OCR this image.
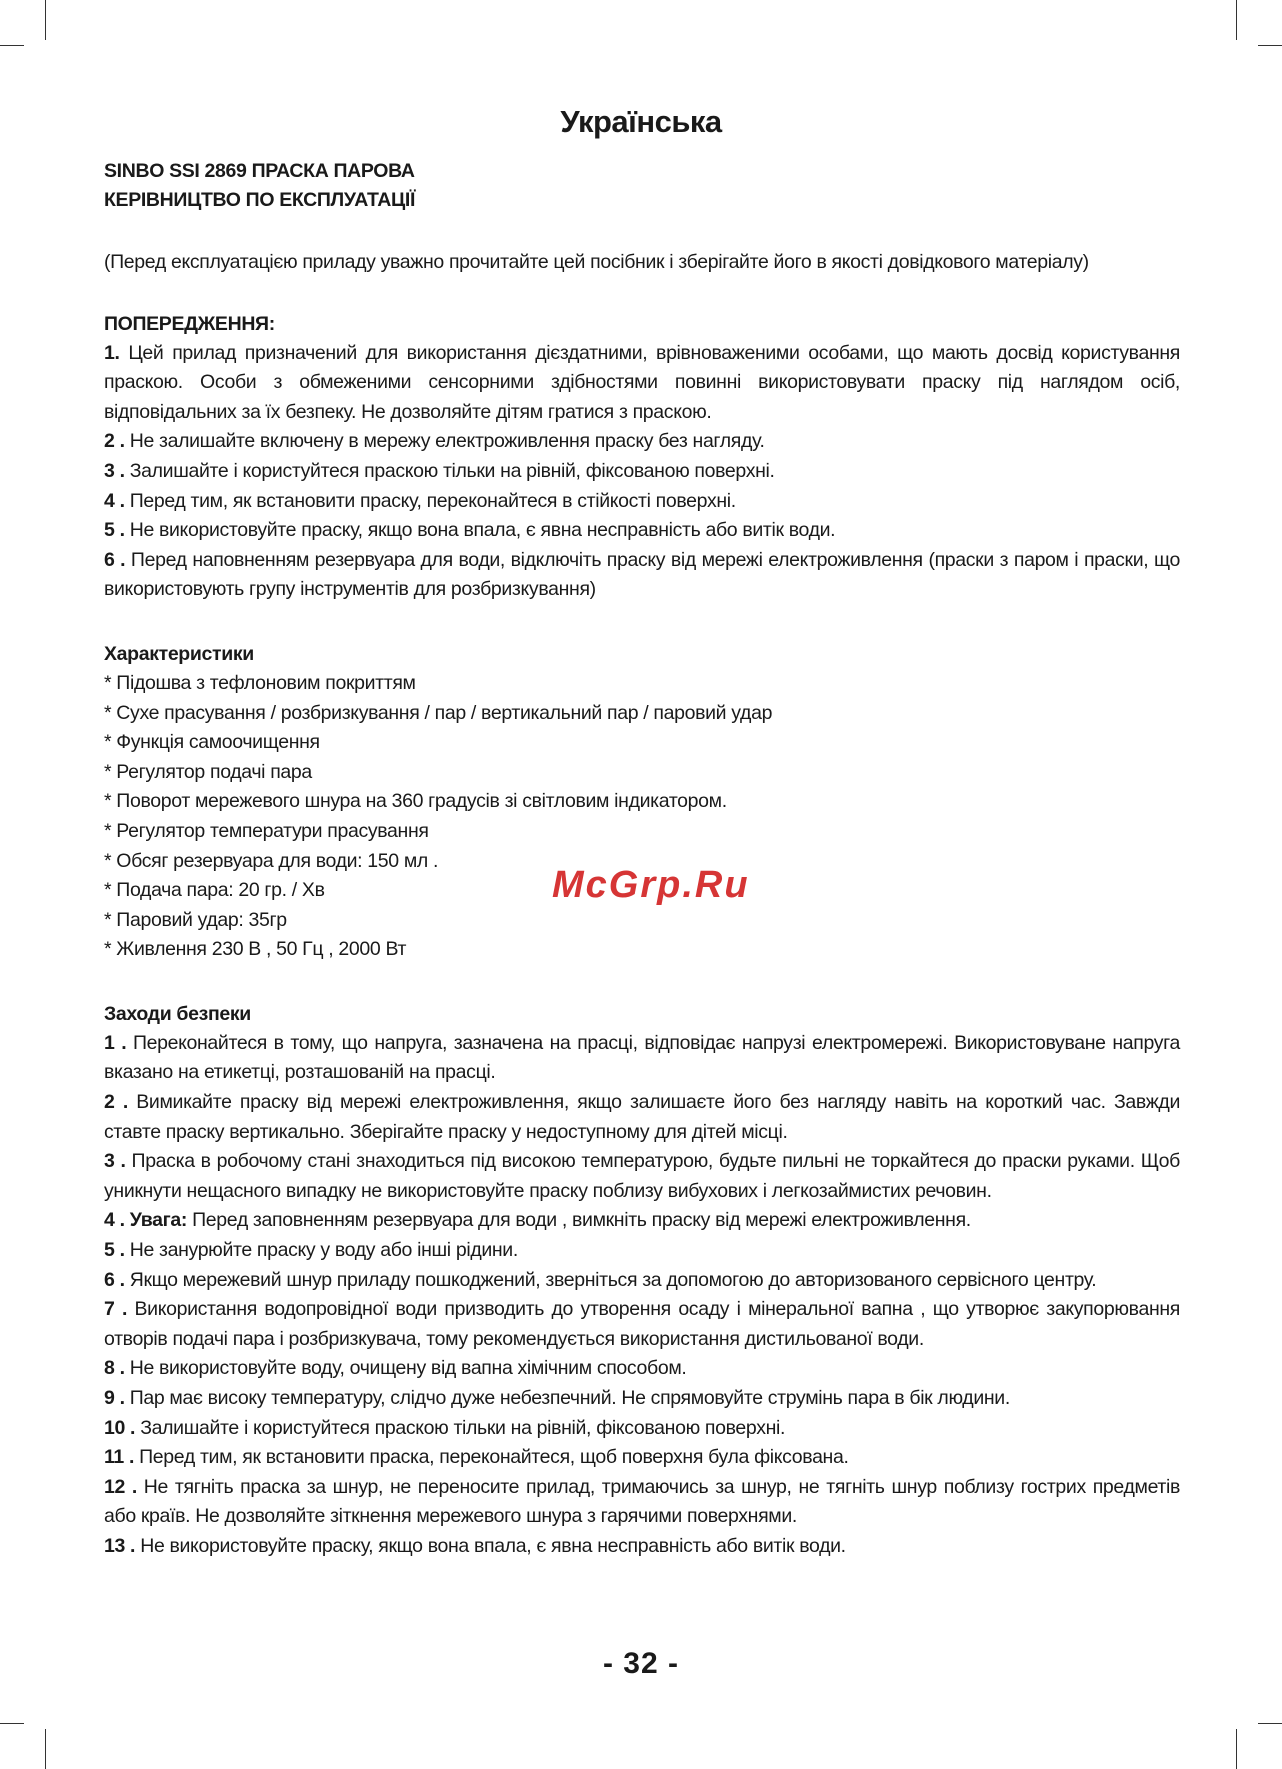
Українська
SINBO SSI 2869 ПРАСКА ПАРОВА
КЕРІВНИЦТВО ПО ЕКСПЛУАТАЦІЇ
(Перед експлуатацією приладу уважно прочитайте цей посібник і зберігайте його в якості довідкового матеріалу)
ПОПЕРЕДЖЕННЯ:
1. Цей прилад призначений для використання дієздатними, врівноваженими особами, що мають досвід користування праскою. Особи з обмеженими сенсорними здібностями повинні використовувати праску під наглядом осіб, відповідальних за їх безпеку. Не дозволяйте дітям гратися з праскою.
2 . Не залишайте включену в мережу електроживлення праску без нагляду.
3 . Залишайте і користуйтеся праскою тільки на рівній, фіксованою поверхні.
4 . Перед тим, як встановити праску, переконайтеся в стійкості поверхні.
5 . Не використовуйте праску, якщо вона впала, є явна несправність або витік води.
6 . Перед наповненням резервуара для води, відключіть праску від мережі електроживлення (праски з паром і праски, що використовують групу інструментів для розбризкування)
Характеристики
* Підошва з тефлоновим покриттям
* Сухе прасування / розбризкування / пар / вертикальний пар / паровий удар
* Функція самоочищення
* Регулятор подачі пара
* Поворот мережевого шнура на 360 градусів зі світловим індикатором.
* Регулятор температури прасування
* Обсяг резервуара для води: 150 мл .
* Подача пара: 20 гр. / Хв
* Паровий удар: 35гр
* Живлення 230 В , 50 Гц , 2000 Вт
Заходи безпеки
1 . Переконайтеся в тому, що напруга, зазначена на прасці, відповідає напрузі електромережі. Використовуване напруга вказано на етикетці, розташованій на прасці.
2 . Вимикайте праску від мережі електроживлення, якщо залишаєте його без нагляду навіть на короткий час. Завжди ставте праску вертикально. Зберігайте праску у недоступному для дітей місці.
3 . Праска в робочому стані знаходиться під високою температурою, будьте пильні не торкайтеся до праски руками. Щоб уникнути нещасного випадку не використовуйте праску поблизу вибухових і легкозаймистих речовин.
4 . Увага: Перед заповненням резервуара для води , вимкніть праску від мережі електроживлення.
5 . Не занурюйте праску у воду або інші рідини.
6 . Якщо мережевий шнур приладу пошкоджений, зверніться за допомогою до авторизованого сервісного центру.
7 . Використання водопровідної води призводить до утворення осаду і мінеральної вапна , що утворює закупорювання отворів подачі пара і розбризкувача, тому рекомендується використання дистильованої води.
8 . Не використовуйте воду, очищену від вапна хімічним способом.
9 . Пар має високу температуру, слідчо дуже небезпечний. Не спрямовуйте струмінь пара в бік людини.
10 . Залишайте і користуйтеся праскою тільки на рівній, фіксованою поверхні.
11 . Перед тим, як встановити праска, переконайтеся, щоб поверхня була фіксована.
12 . Не тягніть праска за шнур, не переносите прилад, тримаючись за шнур, не тягніть шнур поблизу гострих предметів або країв. Не дозволяйте зіткнення мережевого шнура з гарячими поверхнями.
13 . Не використовуйте праску, якщо вона впала, є явна несправність або витік води.
McGrp.Ru
- 32 -
